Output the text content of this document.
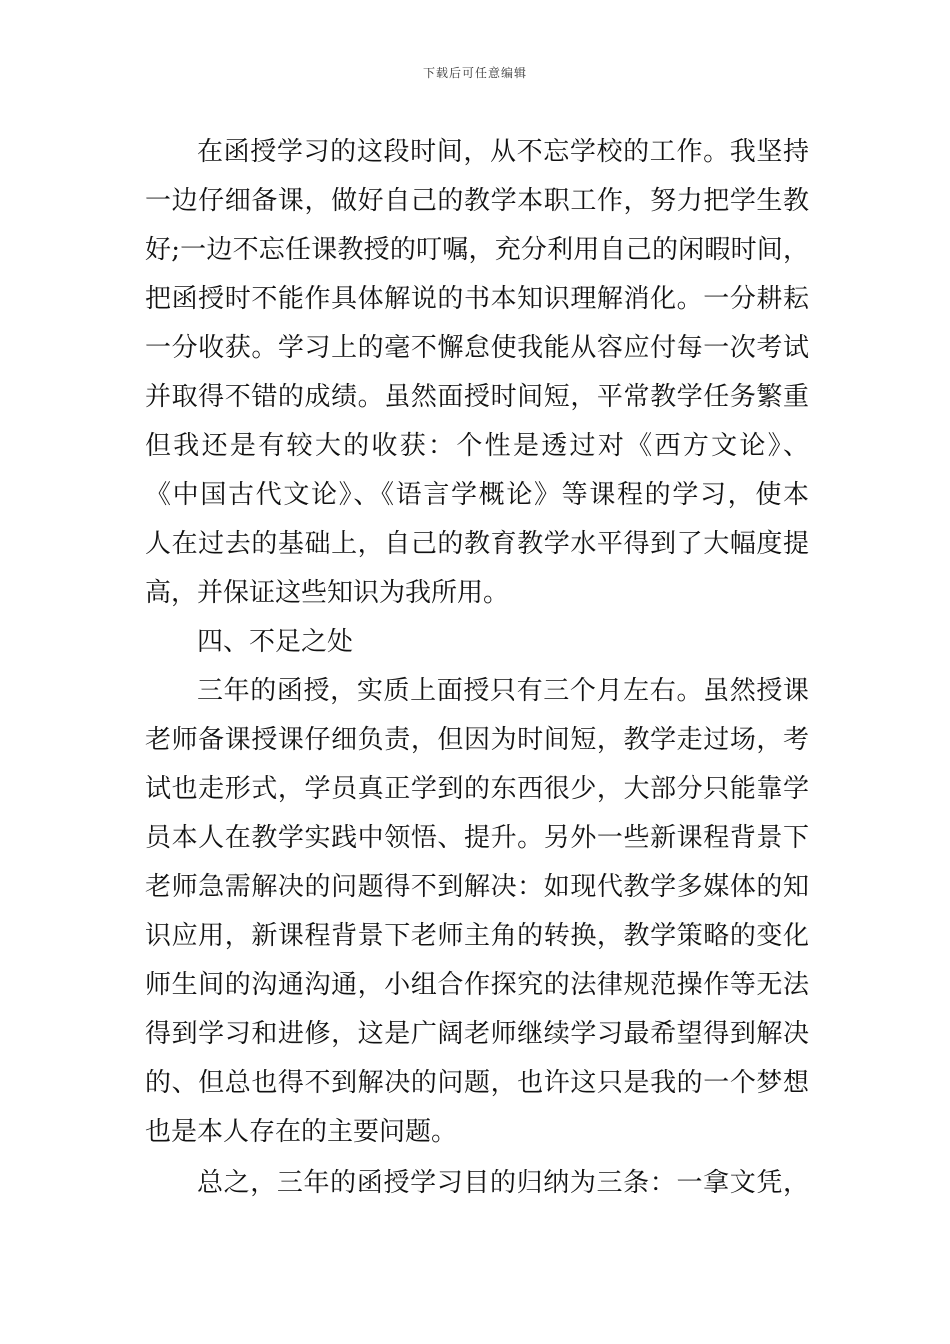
下载后可任意编辑
在函授学习的这段时间，从不忘学校的工作。我坚持
一边仔细备课，做好自己的教学本职工作，努力把学生教
好;一边不忘任课教授的叮嘱，充分利用自己的闲暇时间，
把函授时不能作具体解说的书本知识理解消化。一分耕耘
一分收获。学习上的毫不懈怠使我能从容应付每一次考试
并取得不错的成绩。虽然面授时间短，平常教学任务繁重
但我还是有较大的收获：个性是透过对《西方文论》、
《中国古代文论》、《语言学概论》等课程的学习，使本
人在过去的基础上，自己的教育教学水平得到了大幅度提
高，并保证这些知识为我所用。
四、不足之处
三年的函授，实质上面授只有三个月左右。虽然授课
老师备课授课仔细负责，但因为时间短，教学走过场，考
试也走形式，学员真正学到的东西很少，大部分只能靠学
员本人在教学实践中领悟、提升。另外一些新课程背景下
老师急需解决的问题得不到解决：如现代教学多媒体的知
识应用，新课程背景下老师主角的转换，教学策略的变化
师生间的沟通沟通，小组合作探究的法律规范操作等无法
得到学习和进修，这是广阔老师继续学习最希望得到解决
的、但总也得不到解决的问题，也许这只是我的一个梦想
也是本人存在的主要问题。
总之，三年的函授学习目的归纳为三条：一拿文凭，
